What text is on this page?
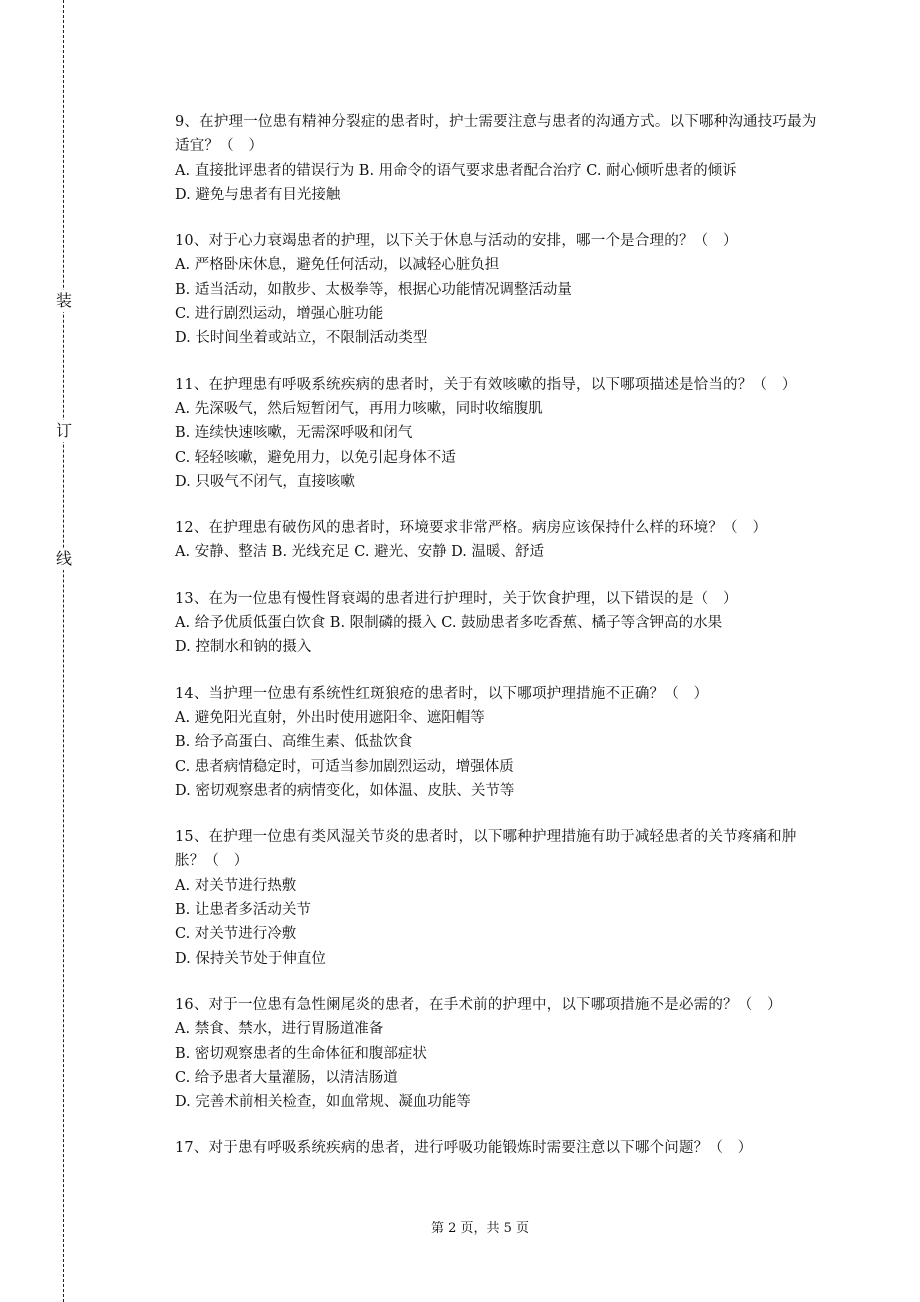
装
订
线

9、在护理一位患有精神分裂症的患者时，护士需要注意与患者的沟通方式。以下哪种沟通技巧最为适宜？（　）

A. 直接批评患者的错误行为 B. 用命令的语气要求患者配合治疗 C. 耐心倾听患者的倾诉

D. 避免与患者有目光接触

10、对于心力衰竭患者的护理，以下关于休息与活动的安排，哪一个是合理的？（　）

A. 严格卧床休息，避免任何活动，以减轻心脏负担

B. 适当活动，如散步、太极拳等，根据心功能情况调整活动量

C. 进行剧烈运动，增强心脏功能

D. 长时间坐着或站立，不限制活动类型

11、在护理患有呼吸系统疾病的患者时，关于有效咳嗽的指导，以下哪项描述是恰当的？（　）

A. 先深吸气，然后短暂闭气，再用力咳嗽，同时收缩腹肌

B. 连续快速咳嗽，无需深呼吸和闭气

C. 轻轻咳嗽，避免用力，以免引起身体不适

D. 只吸气不闭气，直接咳嗽

12、在护理患有破伤风的患者时，环境要求非常严格。病房应该保持什么样的环境？（　）

A. 安静、整洁 B. 光线充足 C. 避光、安静 D. 温暖、舒适

13、在为一位患有慢性肾衰竭的患者进行护理时，关于饮食护理，以下错误的是（　）

A. 给予优质低蛋白饮食 B. 限制磷的摄入 C. 鼓励患者多吃香蕉、橘子等含钾高的水果

D. 控制水和钠的摄入

14、当护理一位患有系统性红斑狼疮的患者时，以下哪项护理措施不正确？（　）

A. 避免阳光直射，外出时使用遮阳伞、遮阳帽等

B. 给予高蛋白、高维生素、低盐饮食

C. 患者病情稳定时，可适当参加剧烈运动，增强体质

D. 密切观察患者的病情变化，如体温、皮肤、关节等

15、在护理一位患有类风湿关节炎的患者时，以下哪种护理措施有助于减轻患者的关节疼痛和肿胀？（　）

A. 对关节进行热敷

B. 让患者多活动关节

C. 对关节进行冷敷

D. 保持关节处于伸直位

16、对于一位患有急性阑尾炎的患者，在手术前的护理中，以下哪项措施不是必需的？（　）

A. 禁食、禁水，进行胃肠道准备

B. 密切观察患者的生命体征和腹部症状

C. 给予患者大量灌肠，以清洁肠道

D. 完善术前相关检查，如血常规、凝血功能等

17、对于患有呼吸系统疾病的患者，进行呼吸功能锻炼时需要注意以下哪个问题？（　）

第 2 页，共 5 页
